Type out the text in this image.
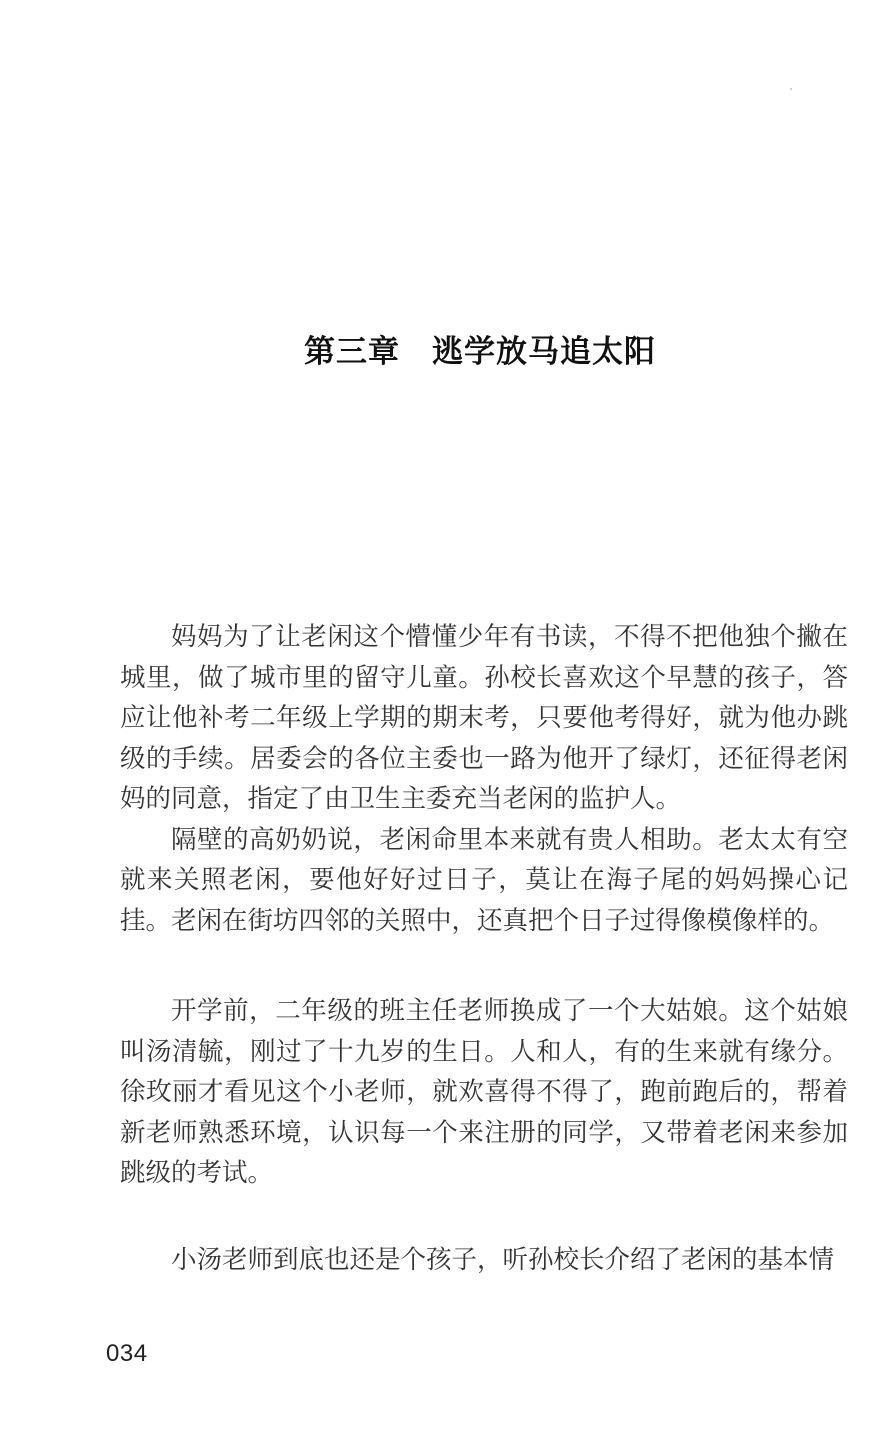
第三章　逃学放马追太阳

妈妈为了让老闲这个懵懂少年有书读，不得不把他独个撇在城里，做了城市里的留守儿童。孙校长喜欢这个早慧的孩子，答应让他补考二年级上学期的期末考，只要他考得好，就为他办跳级的手续。居委会的各位主委也一路为他开了绿灯，还征得老闲妈的同意，指定了由卫生主委充当老闲的监护人。

隔壁的高奶奶说，老闲命里本来就有贵人相助。老太太有空就来关照老闲，要他好好过日子，莫让在海子尾的妈妈操心记挂。老闲在街坊四邻的关照中，还真把个日子过得像模像样的。

开学前，二年级的班主任老师换成了一个大姑娘。这个姑娘叫汤清毓，刚过了十九岁的生日。人和人，有的生来就有缘分。徐玫丽才看见这个小老师，就欢喜得不得了，跑前跑后的，帮着新老师熟悉环境，认识每一个来注册的同学，又带着老闲来参加跳级的考试。

小汤老师到底也还是个孩子，听孙校长介绍了老闲的基本情

034
